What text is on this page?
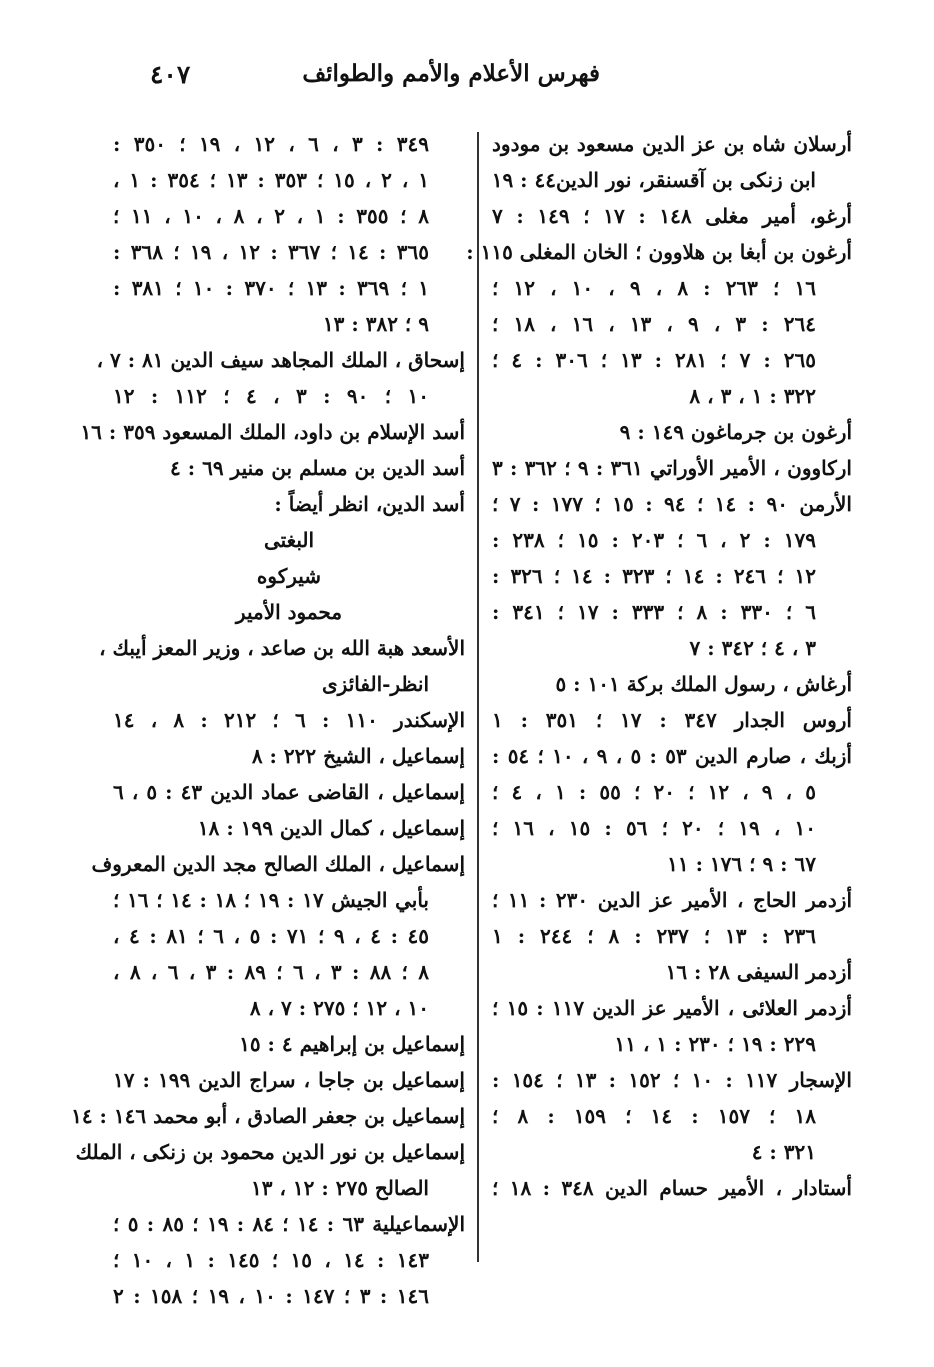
فهرس الأعلام والأمم والطوائف
٤٠٧
أرسلان شاه بن عز الدين مسعود بن مودود
ابن زنكى بن آقسنقر، نور الدين٤٤ : ١٩
أرغو، أمير مغلى ١٤٨ : ١٧ ؛ ١٤٩ : ٧
أرغون بن أبغا بن هلاوون ؛ الخان المغلى ١١٥ :
١٦ ؛ ٢٦٣ : ٨ ، ٩ ، ١٠ ، ١٢ ؛
٢٦٤ : ٣ ، ٩ ، ١٣ ، ١٦ ، ١٨ ؛
٢٦٥ : ٧ ؛ ٢٨١ : ١٣ ؛ ٣٠٦ : ٤ ؛
٣٢٢ : ١ ، ٣ ، ٨
أرغون بن جرماغون ١٤٩ : ٩
اركاوون ، الأمير الأوراتي ٣٦١ : ٩ ؛ ٣٦٢ : ٣
الأرمن ٩٠ : ١٤ ؛ ٩٤ : ١٥ ؛ ١٧٧ : ٧ ؛
١٧٩ : ٢ ، ٦ ؛ ٢٠٣ : ١٥ ؛ ٢٣٨ :
١٢ ؛ ٢٤٦ : ١٤ ؛ ٣٢٣ : ١٤ ؛ ٣٢٦ :
٦ ؛ ٣٣٠ : ٨ ؛ ٣٣٣ : ١٧ ؛ ٣٤١ :
٣ ، ٤ ؛ ٣٤٢ : ٧
أرغاش ، رسول الملك بركة ١٠١ : ٥
أروس الجدار ٣٤٧ : ١٧ ؛ ٣٥١ : ١
أزبك ، صارم الدين ٥٣ : ٥ ، ٩ ، ١٠ ؛ ٥٤ :
٥ ، ٩ ، ١٢ ؛ ٢٠ ؛ ٥٥ : ١ ، ٤ ؛
١٠ ، ١٩ ؛ ٢٠ ؛ ٥٦ : ١٥ ، ١٦ ؛
٦٧ : ٩ ؛ ١٧٦ : ١١
أزدمر الحاج ، الأمير عز الدين ٢٣٠ : ١١ ؛
٢٣٦ : ١٣ ؛ ٢٣٧ : ٨ ؛ ٢٤٤ : ١
أزدمر السيفى ٢٨ : ١٦
أزدمر العلائى ، الأمير عز الدين ١١٧ : ١٥ ؛
٢٢٩ : ١٩ ؛ ٢٣٠ : ١ ، ١١
الإسجار ١١٧ : ١٠ ؛ ١٥٢ : ١٣ ؛ ١٥٤ :
١٨ ؛ ١٥٧ : ١٤ ؛ ١٥٩ : ٨ ؛
٣٢١ : ٤
أستادار ، الأمير حسام الدين ٣٤٨ : ١٨ ؛
٣٤٩ : ٣ ، ٦ ، ١٢ ، ١٩ ؛ ٣٥٠ :
١ ، ٢ ، ١٥ ؛ ٣٥٣ : ١٣ ؛ ٣٥٤ : ١ ،
٨ ؛ ٣٥٥ : ١ ، ٢ ، ٨ ، ١٠ ، ١١ ؛
٣٦٥ : ١٤ ؛ ٣٦٧ : ١٢ ، ١٩ ؛ ٣٦٨ :
١ ؛ ٣٦٩ : ١٣ ؛ ٣٧٠ : ١٠ ؛ ٣٨١ :
٩ ؛ ٣٨٢ : ١٣
إسحاق ، الملك المجاهد سيف الدين ٨١ : ٧ ،
١٠ ؛ ٩٠ : ٣ ، ٤ ؛ ١١٢ : ١٢
أسد الإسلام بن داود، الملك المسعود ٣٥٩ : ١٦
أسد الدين بن مسلم بن منير ٦٩ : ٤
أسد الدين، انظر أيضاً :
البغتى
شيركوه
محمود الأمير
الأسعد هبة الله بن صاعد ، وزير المعز أيبك ،
انظر-الفائزى
الإسكندر ١١٠ : ٦ ؛ ٢١٢ : ٨ ، ١٤
إسماعيل ، الشيخ ٢٢٢ : ٨
إسماعيل ، القاضى عماد الدين ٤٣ : ٥ ، ٦
إسماعيل ، كمال الدين ١٩٩ : ١٨
إسماعيل ، الملك الصالح مجد الدين المعروف
بأبي الجيش ١٧ : ١٩ ؛ ١٨ : ١٤ ؛ ١٦ ؛
٤٥ : ٤ ، ٩ ؛ ٧١ : ٥ ، ٦ ؛ ٨١ : ٤ ،
٨ ؛ ٨٨ : ٣ ، ٦ ؛ ٨٩ : ٣ ، ٦ ، ٨ ،
١٠ ، ١٢ ؛ ٢٧٥ : ٧ ، ٨
إسماعيل بن إبراهيم ٤ : ١٥
إسماعيل بن جاجا ، سراج الدين ١٩٩ : ١٧
إسماعيل بن جعفر الصادق ، أبو محمد ١٤٦ : ١٤
إسماعيل بن نور الدين محمود بن زنكى ، الملك
الصالح ٢٧٥ : ١٢ ، ١٣
الإسماعيلية ٦٣ : ١٤ ؛ ٨٤ : ١٩ ؛ ٨٥ : ٥ ؛
١٤٣ : ١٤ ، ١٥ ؛ ١٤٥ : ١ ، ١٠ ؛
١٤٦ : ٣ ؛ ١٤٧ : ١٠ ، ١٩ ؛ ١٥٨ : ٢
